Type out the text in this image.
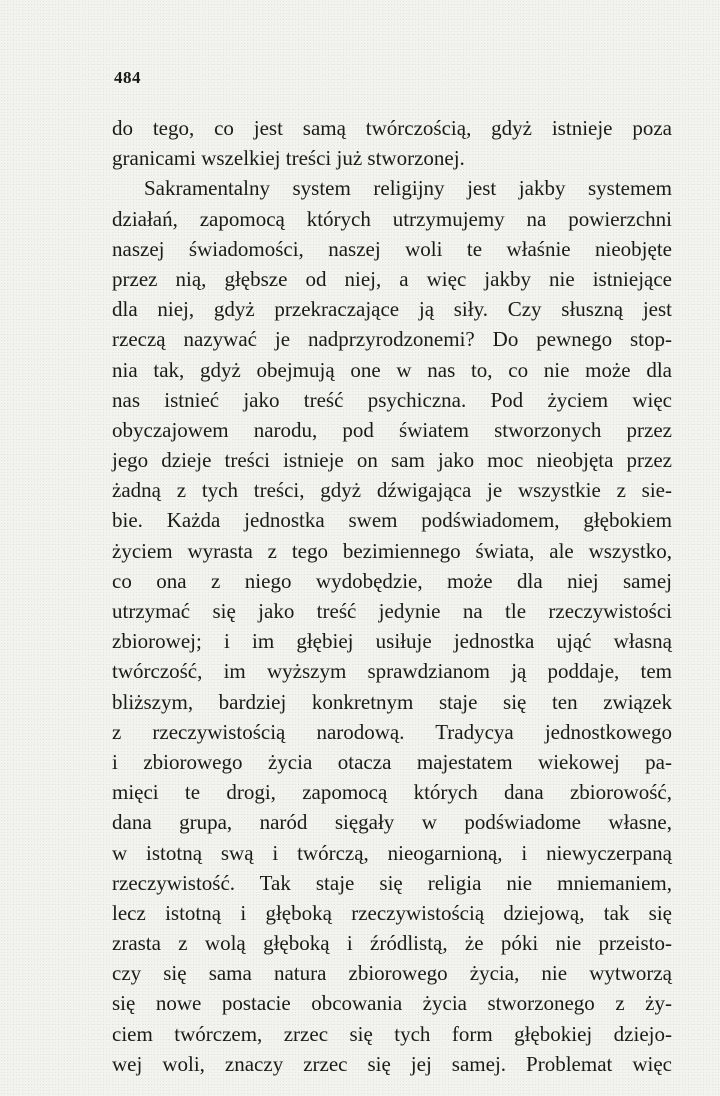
484
do tego, co jest samą twórczością, gdyż istnieje poza
granicami wszelkiej treści już stworzonej.
Sakramentalny system religijny jest jakby systemem
działań, zapomocą których utrzymujemy na powierzchni
naszej świadomości, naszej woli te właśnie nieobjęte
przez nią, głębsze od niej, a więc jakby nie istniejące
dla niej, gdyż przekraczające ją siły. Czy słuszną jest
rzeczą nazywać je nadprzyrodzonemi? Do pewnego stop-
nia tak, gdyż obejmują one w nas to, co nie może dla
nas istnieć jako treść psychiczna. Pod życiem więc
obyczajowem narodu, pod światem stworzonych przez
jego dzieje treści istnieje on sam jako moc nieobjęta przez
żadną z tych treści, gdyż dźwigająca je wszystkie z sie-
bie. Każda jednostka swem podświadomem, głębokiem
życiem wyrasta z tego bezimiennego świata, ale wszystko,
co ona z niego wydobędzie, może dla niej samej
utrzymać się jako treść jedynie na tle rzeczywistości
zbiorowej; i im głębiej usiłuje jednostka ująć własną
twórczość, im wyższym sprawdzianom ją poddaje, tem
bliższym, bardziej konkretnym staje się ten związek
z rzeczywistością narodową. Tradycya jednostkowego
i zbiorowego życia otacza majestatem wiekowej pa-
mięci te drogi, zapomocą których dana zbiorowość,
dana grupa, naród sięgały w podświadome własne,
w istotną swą i twórczą, nieogarnioną, i niewyczerpaną
rzeczywistość. Tak staje się religia nie mniemaniem,
lecz istotną i głęboką rzeczywistością dziejową, tak się
zrasta z wolą głęboką i źródlistą, że póki nie przeisto-
czy się sama natura zbiorowego życia, nie wytworzą
się nowe postacie obcowania życia stworzonego z ży-
ciem twórczem, zrzec się tych form głębokiej dziejo-
wej woli, znaczy zrzec się jej samej. Problemat więc
